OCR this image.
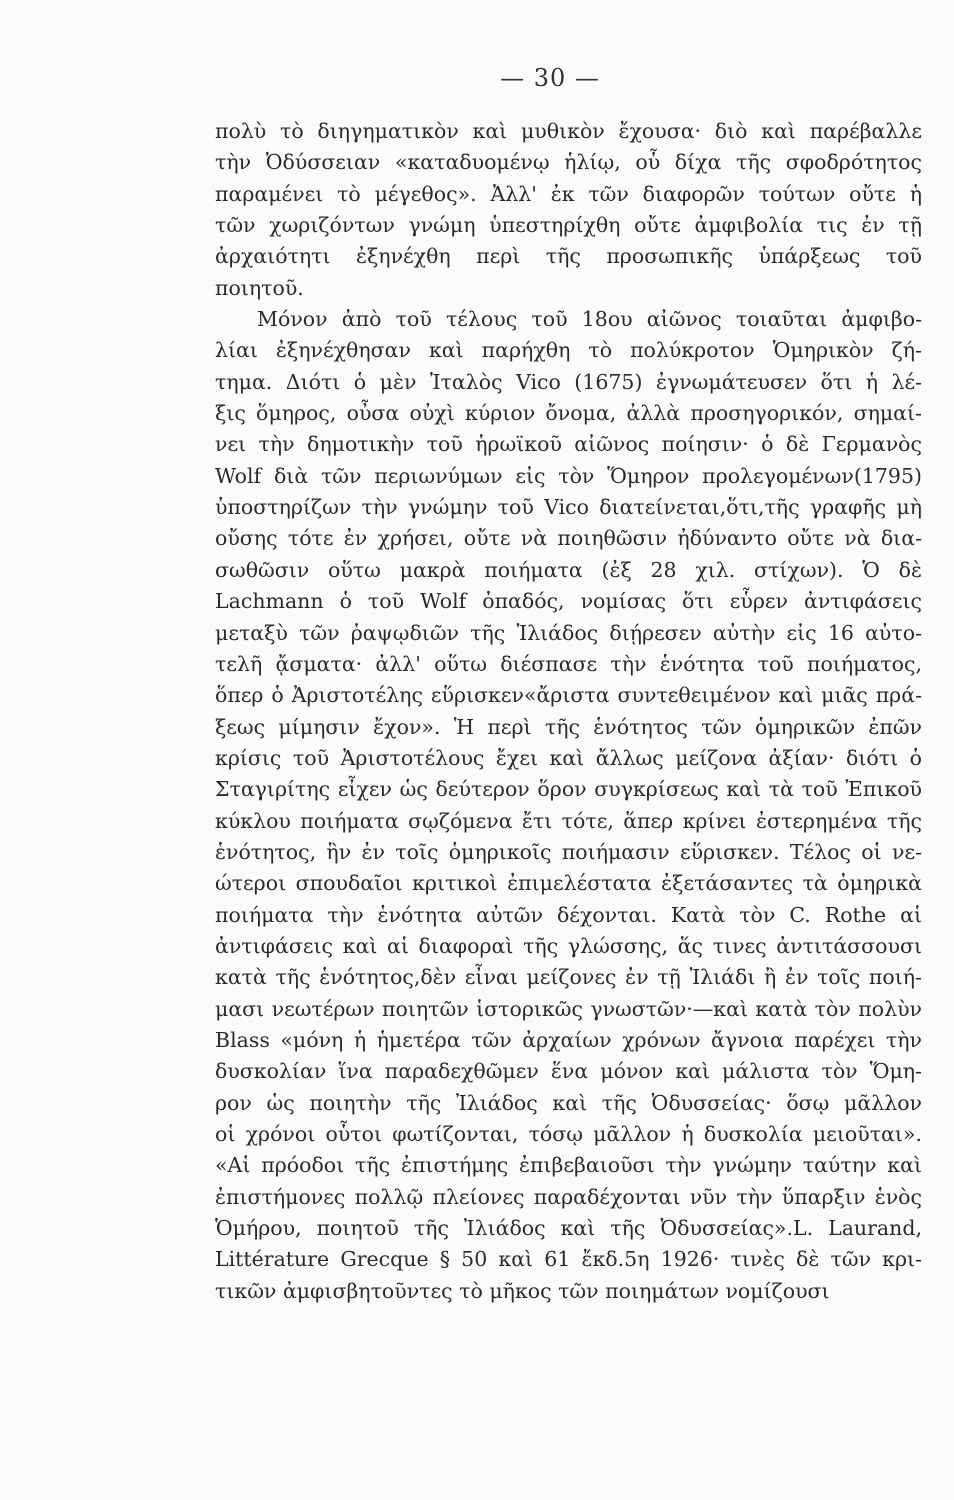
— 30 —
πολὺ τὸ διηγηματικὸν καὶ μυθικὸν ἔχουσα· διὸ καὶ παρέβαλλε
τὴν Ὀδύσσειαν «καταδυομένῳ ἡλίῳ, οὗ δίχα τῆς σφοδρότητος
παραμένει τὸ μέγεθος». Ἀλλ' ἐκ τῶν διαφορῶν τούτων οὔτε ἡ
τῶν χωριζόντων γνώμη ὑπεστηρίχθη οὔτε ἀμφιβολία τις ἐν τῇ
ἀρχαιότητι ἐξηνέχθη περὶ τῆς προσωπικῆς ὑπάρξεως τοῦ
ποιητοῦ.
Μόνον ἀπὸ τοῦ τέλους τοῦ 18ου αἰῶνος τοιαῦται ἀμφιβο-
λίαι ἐξηνέχθησαν καὶ παρήχθη τὸ πολύκροτον Ὁμηρικὸν ζή-
τημα. Διότι ὁ μὲν Ἰταλὸς Vico (1675) ἐγνωμάτευσεν ὅτι ἡ λέ-
ξις ὅμηρος, οὖσα οὐχὶ κύριον ὄνομα, ἀλλὰ προσηγορικόν, σημαί-
νει τὴν δημοτικὴν τοῦ ἡρωϊκοῦ αἰῶνος ποίησιν· ὁ δὲ Γερμανὸς
Wolf διὰ τῶν περιωνύμων εἰς τὸν Ὅμηρον προλεγομένων(1795)
ὑποστηρίζων τὴν γνώμην τοῦ Vico διατείνεται,ὅτι,τῆς γραφῆς μὴ
οὔσης τότε ἐν χρήσει, οὔτε νὰ ποιηθῶσιν ἠδύναντο οὔτε νὰ δια-
σωθῶσιν οὕτω μακρὰ ποιήματα (ἐξ 28 χιλ. στίχων). Ὁ δὲ
Lachmann ὁ τοῦ Wolf ὀπαδός, νομίσας ὅτι εὗρεν ἀντιφάσεις
μεταξὺ τῶν ῥαψῳδιῶν τῆς Ἰλιάδος διῄρεσεν αὐτὴν εἰς 16 αὐτο-
τελῆ ᾄσματα· ἀλλ' οὕτω διέσπασε τὴν ἑνότητα τοῦ ποιήματος,
ὅπερ ὁ Ἀριστοτέλης εὕρισκεν«ἄριστα συντεθειμένον καὶ μιᾶς πρά-
ξεως μίμησιν ἔχον». Ἡ περὶ τῆς ἑνότητος τῶν ὁμηρικῶν ἐπῶν
κρίσις τοῦ Ἀριστοτέλους ἔχει καὶ ἄλλως μείζονα ἀξίαν· διότι ὁ
Σταγιρίτης εἶχεν ὡς δεύτερον ὅρον συγκρίσεως καὶ τὰ τοῦ Ἐπικοῦ
κύκλου ποιήματα σῳζόμενα ἔτι τότε, ἅπερ κρίνει ἐστερημένα τῆς
ἑνότητος, ἣν ἐν τοῖς ὁμηρικοῖς ποιήμασιν εὕρισκεν. Τέλος οἱ νε-
ώτεροι σπουδαῖοι κριτικοὶ ἐπιμελέστατα ἐξετάσαντες τὰ ὁμηρικὰ
ποιήματα τὴν ἑνότητα αὐτῶν δέχονται. Κατὰ τὸν C. Rothe αἱ
ἀντιφάσεις καὶ αἱ διαφοραὶ τῆς γλώσσης, ἅς τινες ἀντιτάσσουσι
κατὰ τῆς ἑνότητος,δὲν εἶναι μείζονες ἐν τῇ Ἰλιάδι ἢ ἐν τοῖς ποιή-
μασι νεωτέρων ποιητῶν ἱστορικῶς γνωστῶν·—καὶ κατὰ τὸν πολὺν
Blass «μόνη ἡ ἡμετέρα τῶν ἀρχαίων χρόνων ἄγνοια παρέχει τὴν
δυσκολίαν ἵνα παραδεχθῶμεν ἕνα μόνον καὶ μάλιστα τὸν Ὅμη-
ρον ὡς ποιητὴν τῆς Ἰλιάδος καὶ τῆς Ὀδυσσείας· ὅσῳ μᾶλλον
οἱ χρόνοι οὗτοι φωτίζονται, τόσῳ μᾶλλον ἡ δυσκολία μειοῦται».
«Αἱ πρόοδοι τῆς ἐπιστήμης ἐπιβεβαιοῦσι τὴν γνώμην ταύτην καὶ
ἐπιστήμονες πολλῷ πλείονες παραδέχονται νῦν τὴν ὕπαρξιν ἑνὸς
Ὁμήρου, ποιητοῦ τῆς Ἰλιάδος καὶ τῆς Ὀδυσσείας».L. Laurand,
Littérature Grecque § 50 καὶ 61 ἔκδ.5η 1926· τινὲς δὲ τῶν κρι-
τικῶν ἀμφισβητοῦντες τὸ μῆκος τῶν ποιημάτων νομίζουσι
